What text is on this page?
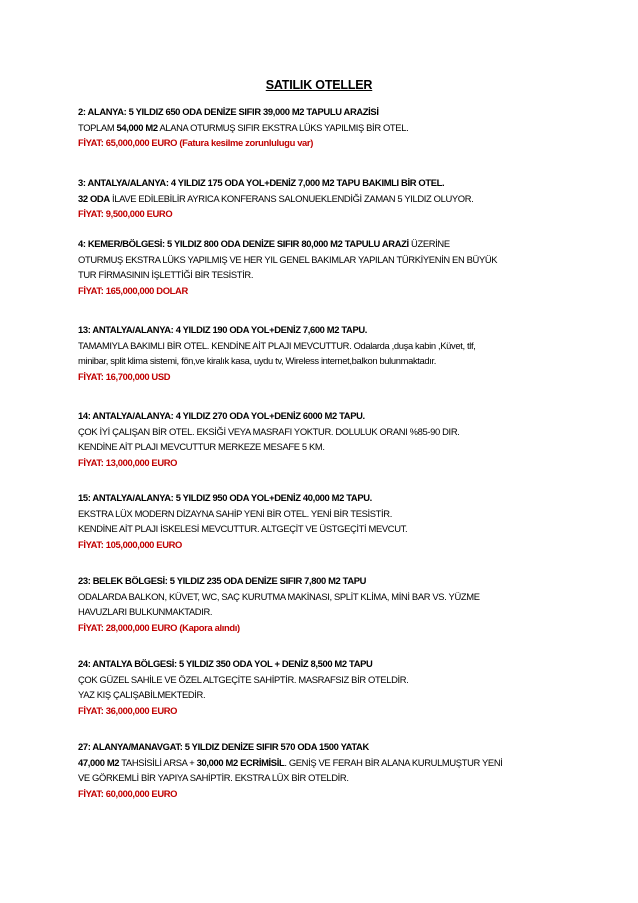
SATILIK OTELLER
2: ALANYA: 5 YILDIZ 650 ODA DENİZE SIFIR 39,000 M2 TAPULU ARAZİSİ
TOPLAM 54,000 M2 ALANA OTURMUŞ SIFIR EKSTRA LÜKS YAPILMIŞ BİR OTEL.
FİYAT: 65,000,000 EURO (Fatura kesilme zorunlulugu var)
3: ANTALYA/ALANYA: 4 YILDIZ 175 ODA YOL+DENİZ 7,000 M2 TAPU BAKIMLI BİR OTEL.
32 ODA İLAVE EDİLEBİLİR AYRICA KONFERANS SALONUEKLENDİĞİ ZAMAN 5 YILDIZ OLUYOR.
FİYAT: 9,500,000 EURO
4: KEMER/BÖLGESİ: 5 YILDIZ 800 ODA DENİZE SIFIR 80,000 M2 TAPULU ARAZİ ÜZERİNE
OTURMUŞ EKSTRA LÜKS YAPILMIŞ VE HER YIL GENEL BAKIMLAR YAPILAN TÜRKİYENİN EN BÜYÜK
TUR FİRMASININ İŞLETTİĞİ BİR TESİSTİR.
FİYAT: 165,000,000 DOLAR
13: ANTALYA/ALANYA: 4 YILDIZ 190 ODA YOL+DENİZ 7,600 M2 TAPU.
TAMAMIYLA BAKIMLI BİR OTEL. KENDİNE AİT PLAJI MEVCUTTUR. Odalarda ,duşa kabin ,Küvet, tlf,
minibar, split klima sistemi, fön,ve kiralık kasa, uydu tv, Wireless internet,balkon bulunmaktadır.
FİYAT: 16,700,000 USD
14: ANTALYA/ALANYA: 4 YILDIZ 270 ODA YOL+DENİZ 6000 M2 TAPU.
ÇOK İYİ ÇALIŞAN BİR OTEL. EKSİĞİ VEYA MASRAFI YOKTUR. DOLULUK ORANI %85-90 DIR.
KENDİNE AİT PLAJI MEVCUTTUR MERKEZE MESAFE 5 KM.
FİYAT: 13,000,000 EURO
15: ANTALYA/ALANYA: 5 YILDIZ 950 ODA YOL+DENİZ 40,000 M2 TAPU.
EKSTRA LÜX MODERN DİZAYNA SAHİP YENİ BİR OTEL. YENİ BİR TESİSTİR.
KENDİNE AİT PLAJI İSKELESİ MEVCUTTUR. ALTGEÇİT VE ÜSTGEÇİTİ MEVCUT.
FİYAT: 105,000,000 EURO
23: BELEK BÖLGESİ: 5 YILDIZ 235 ODA DENİZE SIFIR 7,800 M2 TAPU
ODALARDA BALKON, KÜVET, WC, SAÇ KURUTMA MAKİNASI, SPLİT KLİMA, MİNİ BAR VS. YÜZME
HAVUZLARI BULKUNMAKTADIR.
FİYAT: 28,000,000 EURO (Kapora alındı)
24: ANTALYA BÖLGESİ: 5 YILDIZ 350 ODA YOL + DENİZ 8,500 M2 TAPU
ÇOK GÜZEL SAHİLE VE ÖZEL ALTGEÇİTE SAHİPTİR. MASRAFSIZ BİR OTELDİR.
YAZ KIŞ ÇALIŞABİLMEKTEDİR.
FİYAT: 36,000,000 EURO
27: ALANYA/MANAVGAT: 5 YILDIZ DENİZE SIFIR 570 ODA 1500 YATAK
47,000 M2 TAHSİSİLİ ARSA + 30,000 M2 ECRİMİSİL. GENİŞ VE FERAH BİR ALANA KURULMUŞTUR YENİ
VE GÖRKEMLİ BİR YAPIYA SAHİPTİR. EKSTRA LÜX BİR OTELDİR.
FİYAT: 60,000,000 EURO
